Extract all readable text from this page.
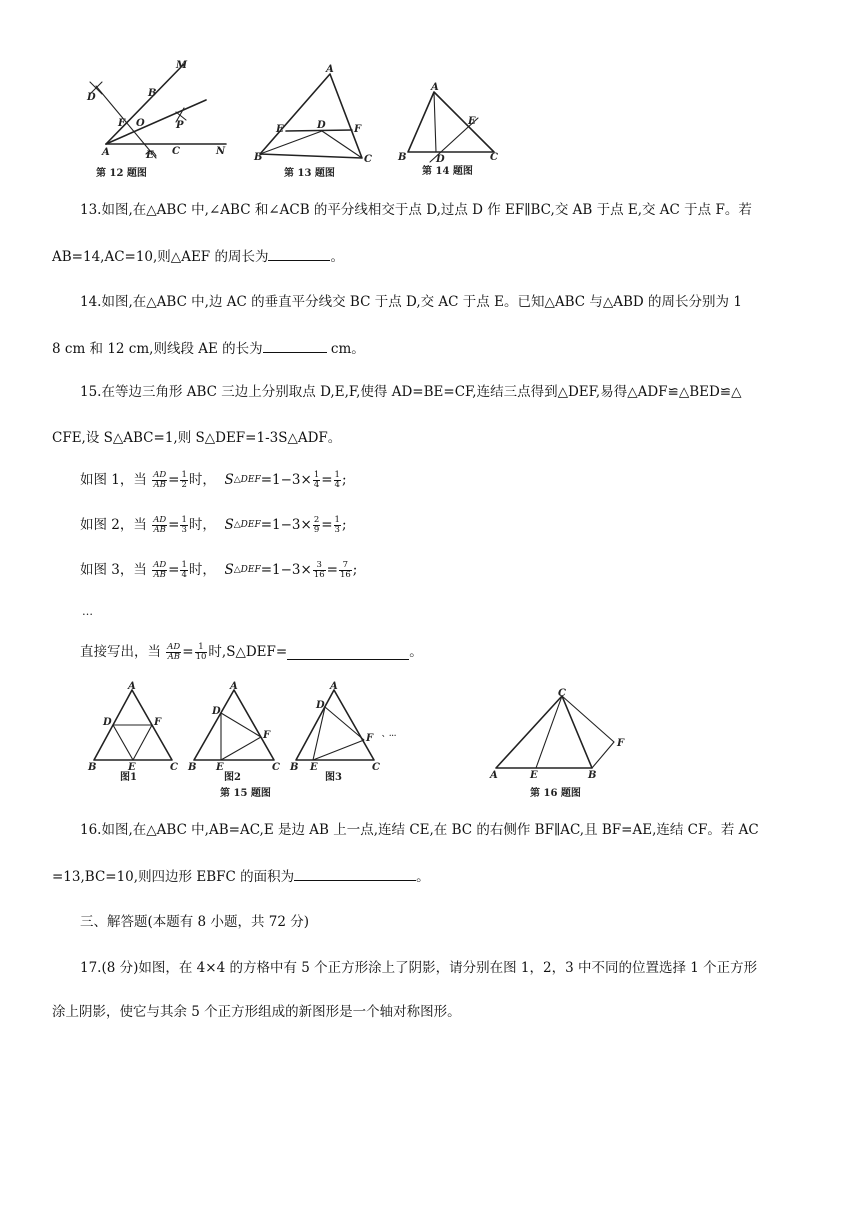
M
D	B
F O	P
A	E C	N
第 12 题图
A
E	D	F
B	C
第 13 题图
A
E
B	D	C
第 14 题图
13.如图,在△ABC 中,∠ABC 和∠ACB 的平分线相交于点 D,过点 D 作 EF∥BC,交 AB 于点 E,交 AC 于点 F。若
AB=14,AC=10,则△AEF 的周长为	。
14.如图,在△ABC 中,边 AC 的垂直平分线交 BC 于点 D,交 AC 于点 E。已知△ABC 与△ABD 的周长分别为 1
8 cm 和 12 cm,则线段 AE 的长为	cm。
15.在等边三角形 ABC 三边上分别取点 D,E,F,使得 AD=BE=CF,连结三点得到△DEF,易得△ADF≌△BED≌△
CFE,设 S△ABC=1,则 S△DEF=1-3S△ADF。
如图 1，当
$\frac{AD}{AB} = \frac{1}{2}$ 时，
S △DEF $=1-3\times \frac{1}{4} = \frac{1}{4}$ ;
如图 2，当
$\frac{AD}{AB} = \frac{1}{3}$ 时，
S △DEF $=1-3\times \frac{2}{9} = \frac{1}{3}$ ;
如图 3，当
$\frac{AD}{AB} = \frac{1}{4}$ 时，
S △DEF $=1-3\times \frac{3}{16} = \frac{7}{16}$ ;
…
直接写出，当
$\frac{AD}{AB} = \frac{1}{10}$ 时,S△DEF=	。
A
D	F
B	E	C
图1
A
D
F
B E	C
图2
A
D
F
B E	C
图3
、...
第 15 题图
C
A	E	B
F
第 16 题图
16.如图,在△ABC 中,AB=AC,E 是边 AB 上一点,连结 CE,在 BC 的右侧作 BF∥AC,且 BF=AE,连结 CF。若 AC
=13,BC=10,则四边形 EBFC 的面积为	。
三、解答题(本题有 8 小题，共 72 分)
17.(8 分)如图，在 4×4 的方格中有 5 个正方形涂上了阴影，请分别在图 1，2，3 中不同的位置选择 1 个正方形
涂上阴影，使它与其余 5 个正方形组成的新图形是一个轴对称图形。
